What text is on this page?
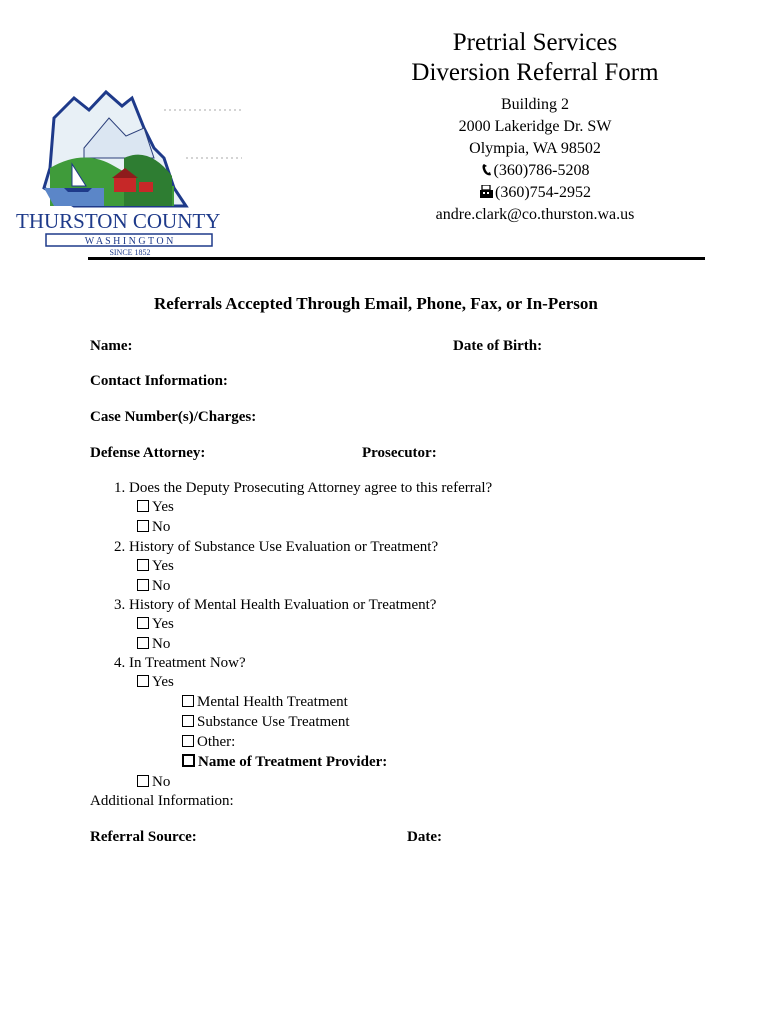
THURSTON COUNTY
W A S H I N G T O N
SINCE 1852
Pretrial Services
Diversion Referral Form
Building 2
2000 Lakeridge Dr. SW
Olympia, WA 98502
(360)786-5208
(360)754-2952
andre.clark@co.thurston.wa.us
Referrals Accepted Through Email, Phone, Fax, or In-Person
Name:	Date of Birth:
Contact Information:
Case Number(s)/Charges:
Defense Attorney:	Prosecutor:
1. Does the Deputy Prosecuting Attorney agree to this referral?
Yes
No
2. History of Substance Use Evaluation or Treatment?
Yes
No
3. History of Mental Health Evaluation or Treatment?
Yes
No
4. In Treatment Now?
Yes
Mental Health Treatment
Substance Use Treatment
Other:
Name of Treatment Provider:
No
Additional Information:
Referral Source:	Date:
